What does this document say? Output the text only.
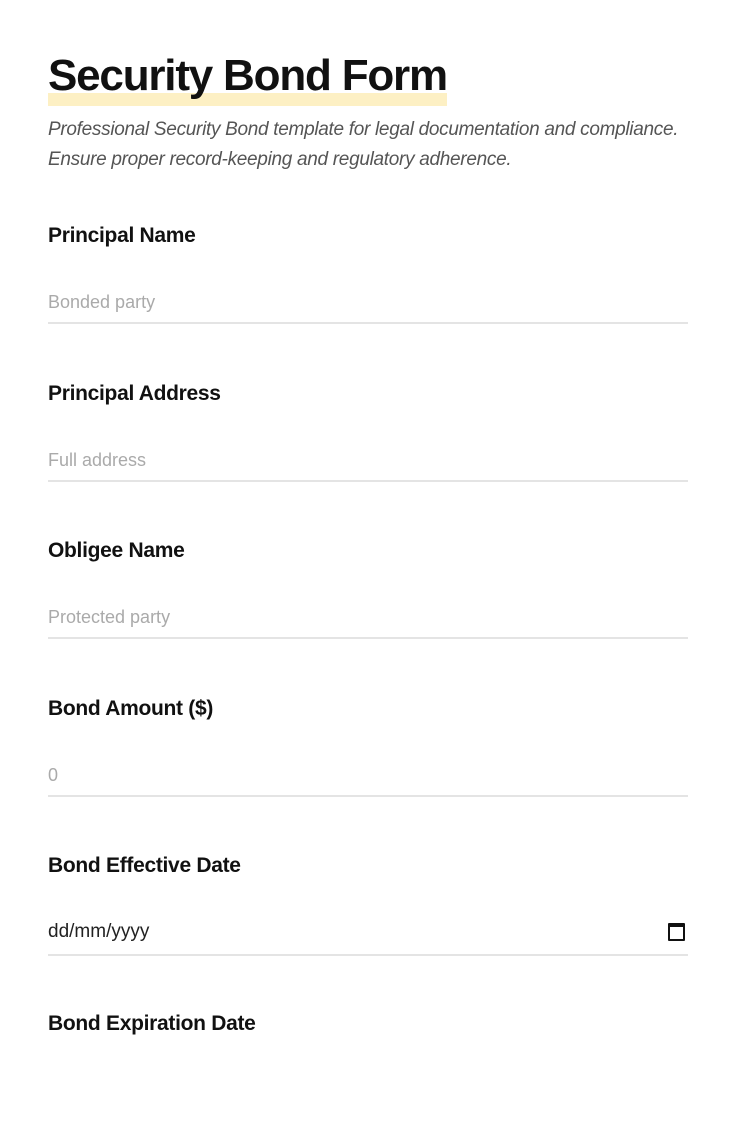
Security Bond Form

Professional Security Bond template for legal documentation and compliance. Ensure proper record-keeping and regulatory adherence.

Principal Name
Bonded party
Principal Address
Full address
Obligee Name
Protected party
Bond Amount ($)
0
Bond Effective Date
dd/mm/yyyy
Bond Expiration Date
